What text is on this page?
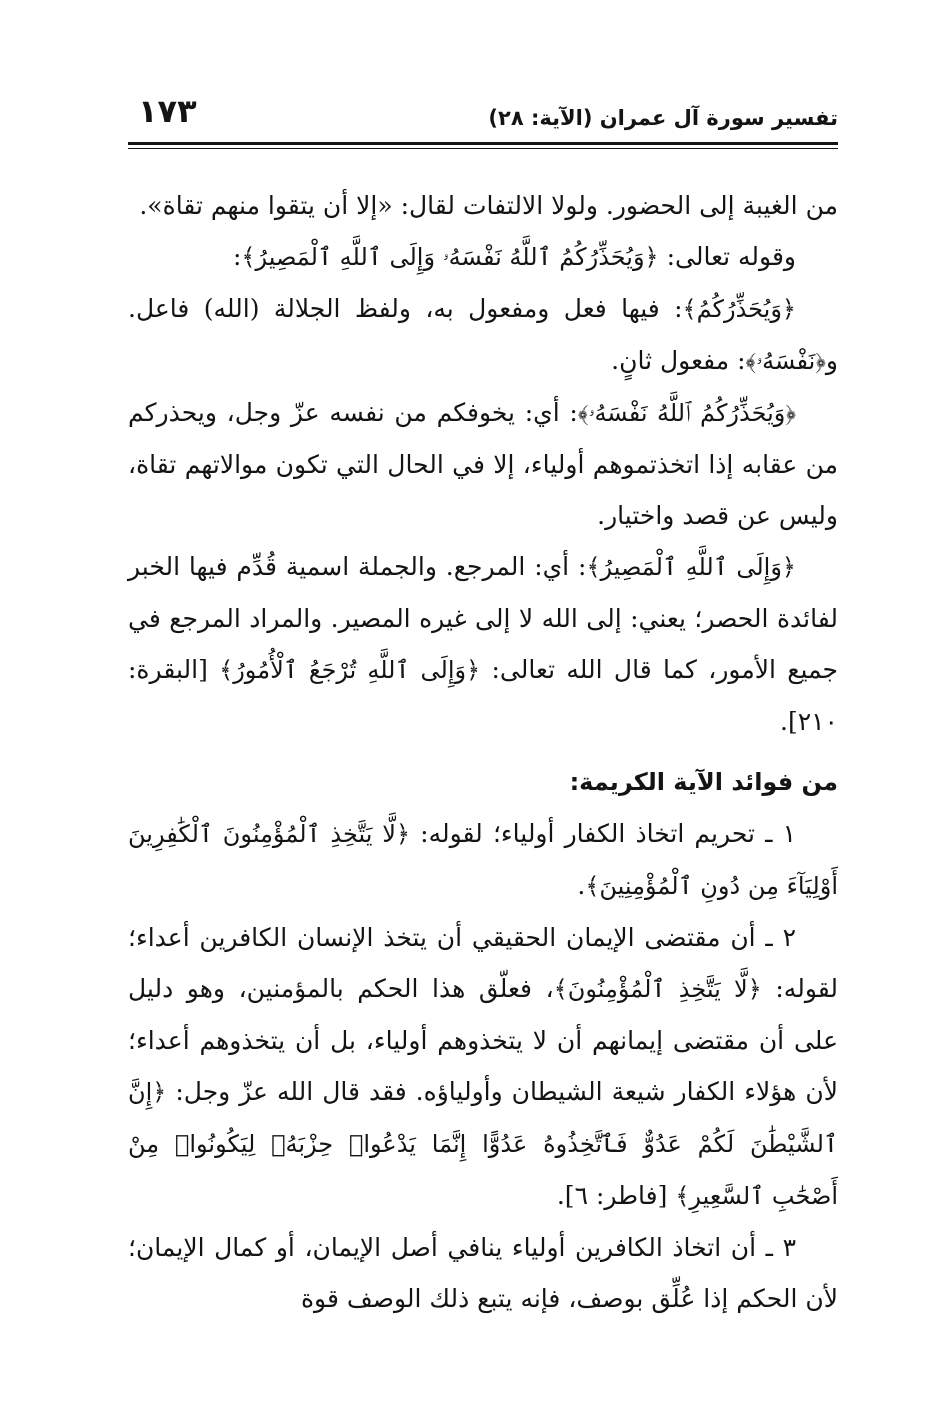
١٧٣	تفسير سورة آل عمران (الآية: ٢٨)

من الغيبة إلى الحضور. ولولا الالتفات لقال: «إلا أن يتقوا منهم تقاة».

وقوله تعالى: ﴿وَيُحَذِّرُكُمُ ٱللَّهُ نَفْسَهُۥ وَإِلَى ٱللَّهِ ٱلْمَصِيرُ﴾:

﴿وَيُحَذِّرُكُمُ﴾: فيها فعل ومفعول به، ولفظ الجلالة (الله) فاعل. و﴿نَفْسَهُۥ﴾: مفعول ثانٍ.

﴿وَيُحَذِّرُكُمُ ٱللَّهُ نَفْسَهُۥ﴾: أي: يخوفكم من نفسه عزّ وجل، ويحذركم من عقابه إذا اتخذتموهم أولياء، إلا في الحال التي تكون موالاتهم تقاة، وليس عن قصد واختيار.

﴿وَإِلَى ٱللَّهِ ٱلْمَصِيرُ﴾: أي: المرجع. والجملة اسمية قُدِّم فيها الخبر لفائدة الحصر؛ يعني: إلى الله لا إلى غيره المصير. والمراد المرجع في جميع الأمور، كما قال الله تعالى: ﴿وَإِلَى ٱللَّهِ تُرْجَعُ ٱلْأُمُورُ﴾ [البقرة: ٢١٠].

من فوائد الآية الكريمة:

١ ـ تحريم اتخاذ الكفار أولياء؛ لقوله: ﴿لَّا يَتَّخِذِ ٱلْمُؤْمِنُونَ ٱلْكَٰفِرِينَ أَوْلِيَآءَ مِن دُونِ ٱلْمُؤْمِنِينَ﴾.

٢ ـ أن مقتضى الإيمان الحقيقي أن يتخذ الإنسان الكافرين أعداء؛ لقوله: ﴿لَّا يَتَّخِذِ ٱلْمُؤْمِنُونَ﴾، فعلّق هذا الحكم بالمؤمنين، وهو دليل على أن مقتضى إيمانهم أن لا يتخذوهم أولياء، بل أن يتخذوهم أعداء؛ لأن هؤلاء الكفار شيعة الشيطان وأولياؤه. فقد قال الله عزّ وجل: ﴿إِنَّ ٱلشَّيْطَٰنَ لَكُمْ عَدُوٌّ فَٱتَّخِذُوهُ عَدُوًّا إِنَّمَا يَدْعُوا۟ حِزْبَهُۥ لِيَكُونُوا۟ مِنْ أَصْحَٰبِ ٱلسَّعِيرِ﴾ [فاطر: ٦].

٣ ـ أن اتخاذ الكافرين أولياء ينافي أصل الإيمان، أو كمال الإيمان؛ لأن الحكم إذا عُلِّق بوصف، فإنه يتبع ذلك الوصف قوة
